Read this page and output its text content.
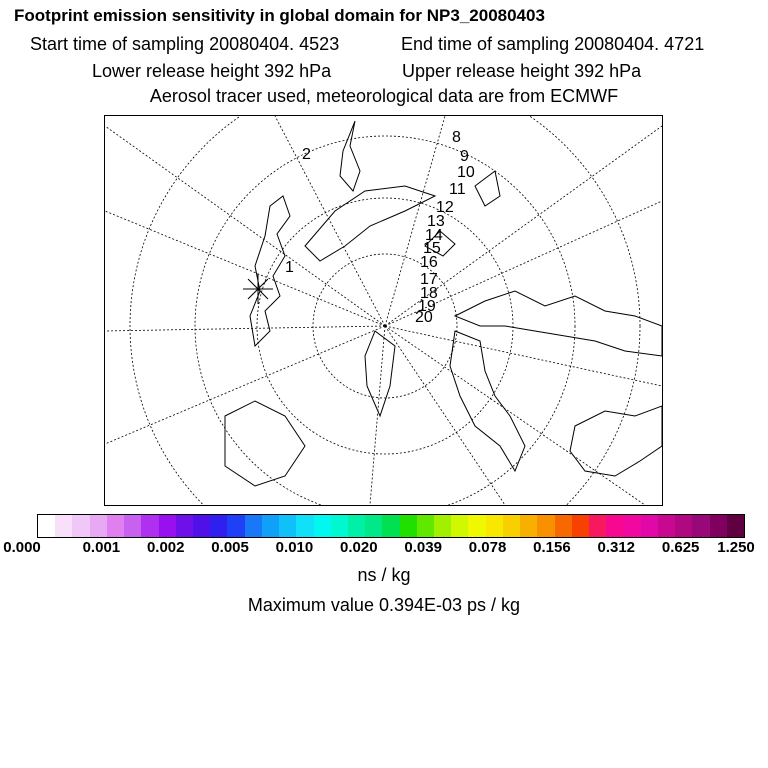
Footprint emission sensitivity in global domain for NP3_20080403
Start time of sampling 20080404. 4523	End time of sampling 20080404. 4721
Lower release height 392 hPa	Upper release height 392 hPa
Aerosol tracer used, meteorological data are from ECMWF
1
2
8
9
10
11
12
13
14
15
16
17
18
19
20
0.000	0.001 0.002 0.005 0.010 0.020 0.039 0.078 0.156 0.312 0.625 1.250
ns / kg
Maximum value 0.394E-03 ps / kg
